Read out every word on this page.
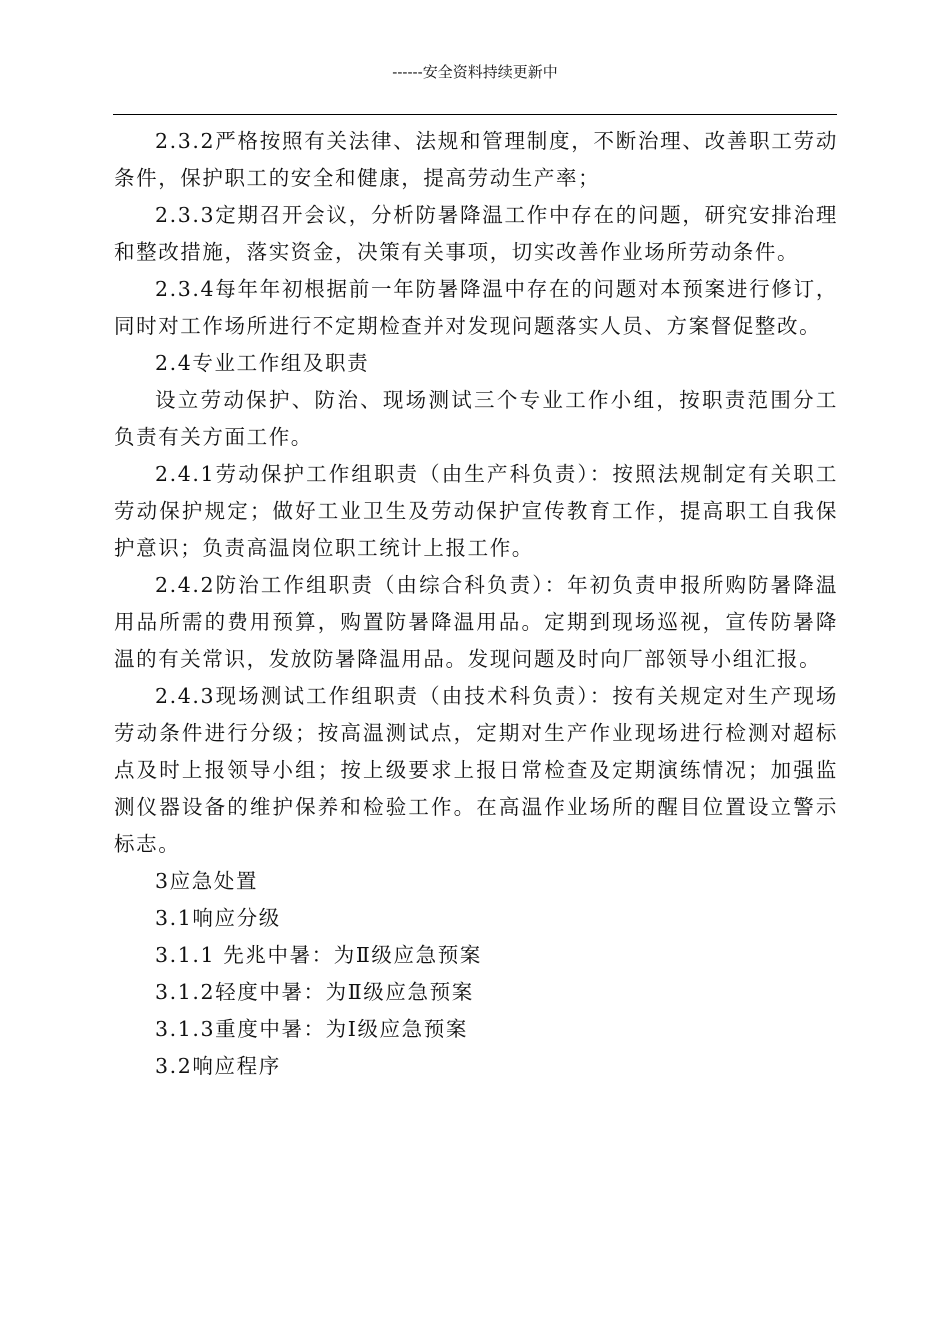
------安全资料持续更新中

2.3.2严格按照有关法律、法规和管理制度，不断治理、改善职工劳动条件，保护职工的安全和健康，提高劳动生产率；

2.3.3定期召开会议，分析防暑降温工作中存在的问题，研究安排治理和整改措施，落实资金，决策有关事项，切实改善作业场所劳动条件。

2.3.4每年年初根据前一年防暑降温中存在的问题对本预案进行修订，同时对工作场所进行不定期检查并对发现问题落实人员、方案督促整改。

2.4专业工作组及职责

设立劳动保护、防治、现场测试三个专业工作小组，按职责范围分工负责有关方面工作。

2.4.1劳动保护工作组职责（由生产科负责）：按照法规制定有关职工劳动保护规定；做好工业卫生及劳动保护宣传教育工作，提高职工自我保护意识；负责高温岗位职工统计上报工作。

2.4.2防治工作组职责（由综合科负责）：年初负责申报所购防暑降温用品所需的费用预算，购置防暑降温用品。定期到现场巡视，宣传防暑降温的有关常识，发放防暑降温用品。发现问题及时向厂部领导小组汇报。

2.4.3现场测试工作组职责（由技术科负责）：按有关规定对生产现场劳动条件进行分级；按高温测试点，定期对生产作业现场进行检测对超标点及时上报领导小组；按上级要求上报日常检查及定期演练情况；加强监测仪器设备的维护保养和检验工作。在高温作业场所的醒目位置设立警示标志。

3应急处置

3.1响应分级

3.1.1 先兆中暑：为Ⅱ级应急预案

3.1.2轻度中暑：为Ⅱ级应急预案

3.1.3重度中暑：为Ⅰ级应急预案

3.2响应程序
